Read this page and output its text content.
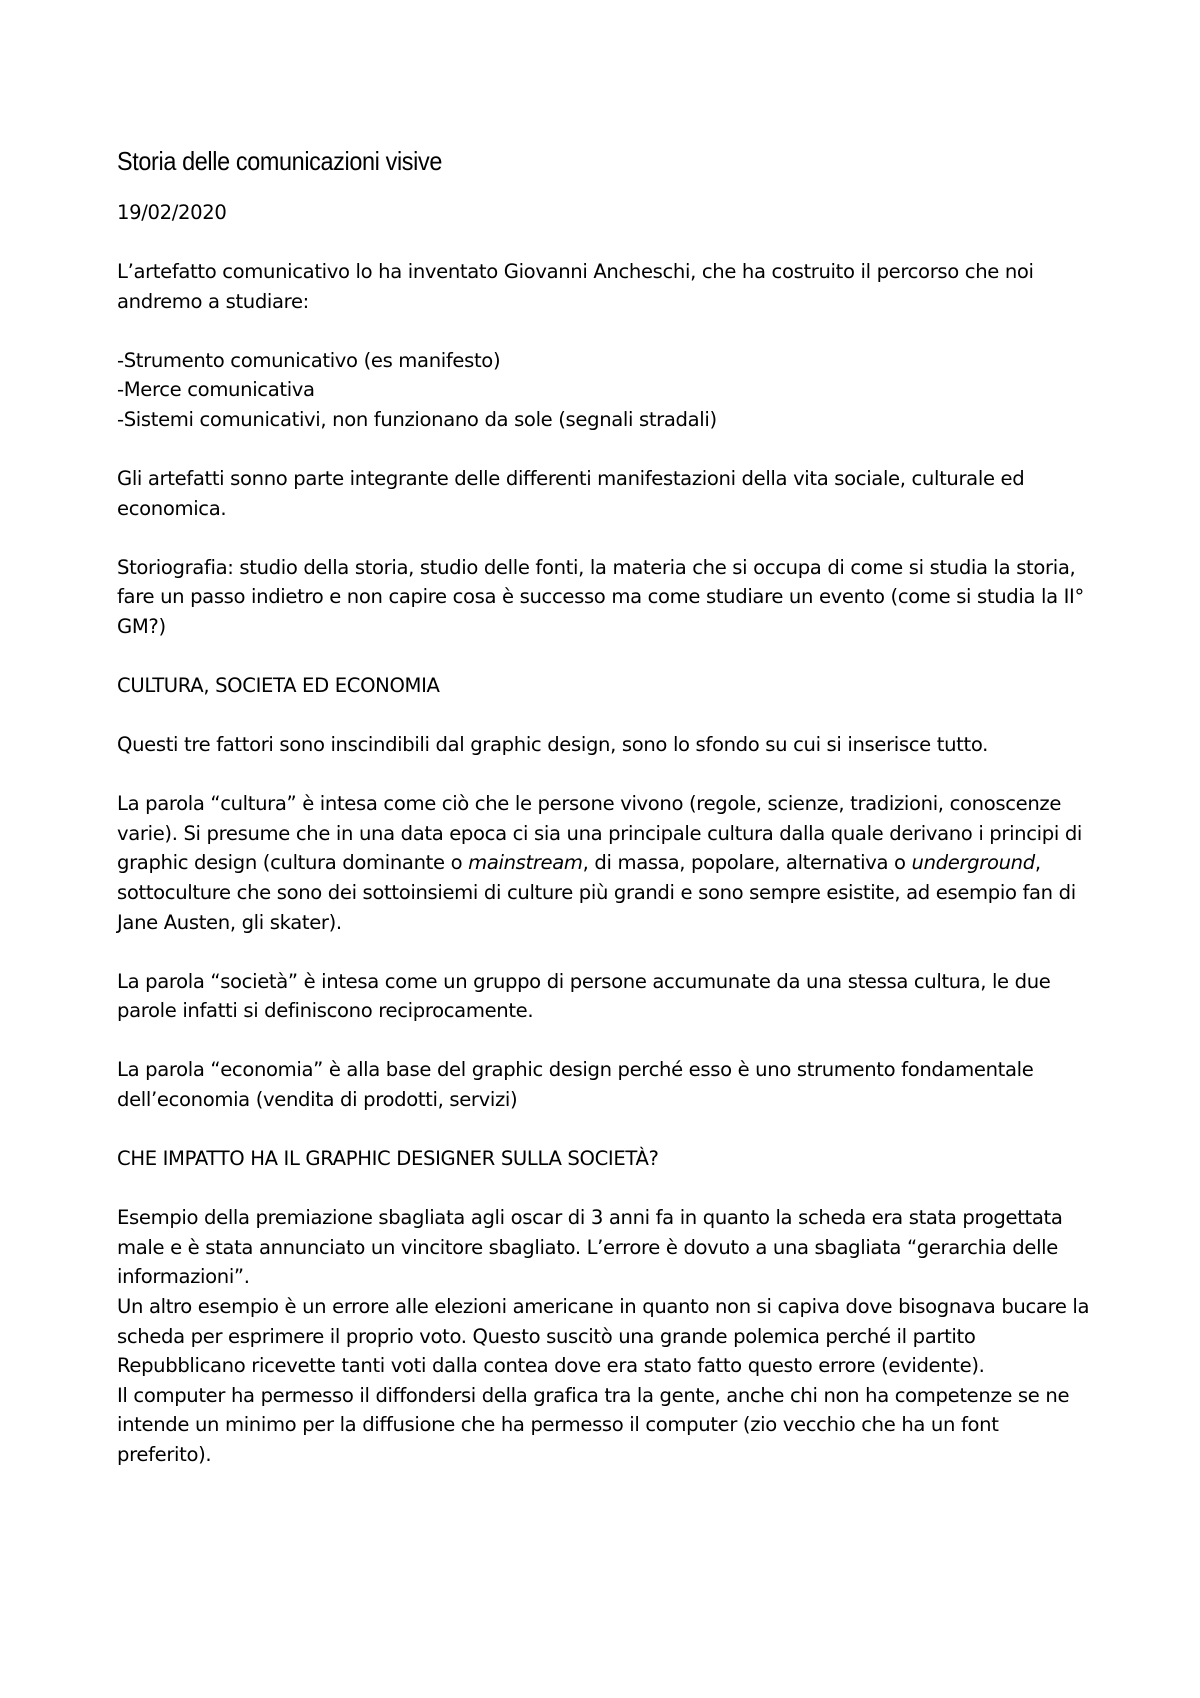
Storia delle comunicazioni visive

19/02/2020

L’artefatto comunicativo lo ha inventato Giovanni Ancheschi, che ha costruito il percorso che noi andremo a studiare:

-Strumento comunicativo (es manifesto)
-Merce comunicativa
-Sistemi comunicativi, non funzionano da sole (segnali stradali)

Gli artefatti sonno parte integrante delle differenti manifestazioni della vita sociale, culturale ed economica.

Storiografia: studio della storia, studio delle fonti, la materia che si occupa di come si studia la storia, fare un passo indietro e non capire cosa è successo ma come studiare un evento (come si studia la II° GM?)

CULTURA, SOCIETA ED ECONOMIA

Questi tre fattori sono inscindibili dal graphic design, sono lo sfondo su cui si inserisce tutto.

La parola “cultura” è intesa come ciò che le persone vivono (regole, scienze, tradizioni, conoscenze varie). Si presume che in una data epoca ci sia una principale cultura dalla quale derivano i principi di graphic design (cultura dominante o mainstream, di massa, popolare, alternativa o underground, sottoculture che sono dei sottoinsiemi di culture più grandi e sono sempre esistite, ad esempio fan di Jane Austen, gli skater).

La parola “società” è intesa come un gruppo di persone accumunate da una stessa cultura, le due parole infatti si definiscono reciprocamente.

La parola “economia” è alla base del graphic design perché esso è uno strumento fondamentale dell’economia (vendita di prodotti, servizi)

CHE IMPATTO HA IL GRAPHIC DESIGNER SULLA SOCIETÀ?

Esempio della premiazione sbagliata agli oscar di 3 anni fa in quanto la scheda era stata progettata male e è stata annunciato un vincitore sbagliato. L’errore è dovuto a una sbagliata “gerarchia delle informazioni”.

Un altro esempio è un errore alle elezioni americane in quanto non si capiva dove bisognava bucare la scheda per esprimere il proprio voto. Questo suscitò una grande polemica perché il partito Repubblicano ricevette tanti voti dalla contea dove era stato fatto questo errore (evidente).

Il computer ha permesso il diffondersi della grafica tra la gente, anche chi non ha competenze se ne intende un minimo per la diffusione che ha permesso il computer (zio vecchio che ha un font preferito).
